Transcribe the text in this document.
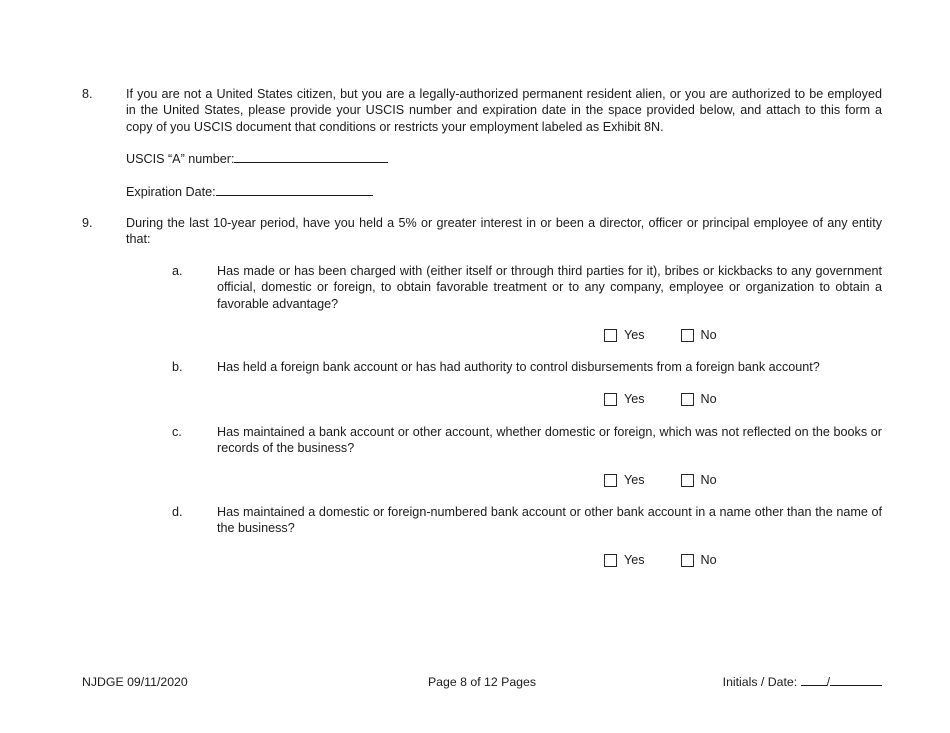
8.	If you are not a United States citizen, but you are a legally-authorized permanent resident alien, or you are authorized to be employed in the United States, please provide your USCIS number and expiration date in the space provided below, and attach to this form a copy of you USCIS document that conditions or restricts your employment labeled as Exhibit 8N.
USCIS “A” number:
Expiration Date:
9.	During the last 10-year period, have you held a 5% or greater interest in or been a director, officer or principal employee of any entity that:
a.	Has made or has been charged with (either itself or through third parties for it), bribes or kickbacks to any government official, domestic or foreign, to obtain favorable treatment or to any company, employee or organization to obtain a favorable advantage?
Yes	No
b.	Has held a foreign bank account or has had authority to control disbursements from a foreign bank account?
Yes	No
c.	Has maintained a bank account or other account, whether domestic or foreign, which was not reflected on the books or records of the business?
Yes	No
d.	Has maintained a domestic or foreign-numbered bank account or other bank account in a name other than the name of the business?
Yes	No
NJDGE 09/11/2020	Page 8 of 12 Pages	Initials / Date: /
